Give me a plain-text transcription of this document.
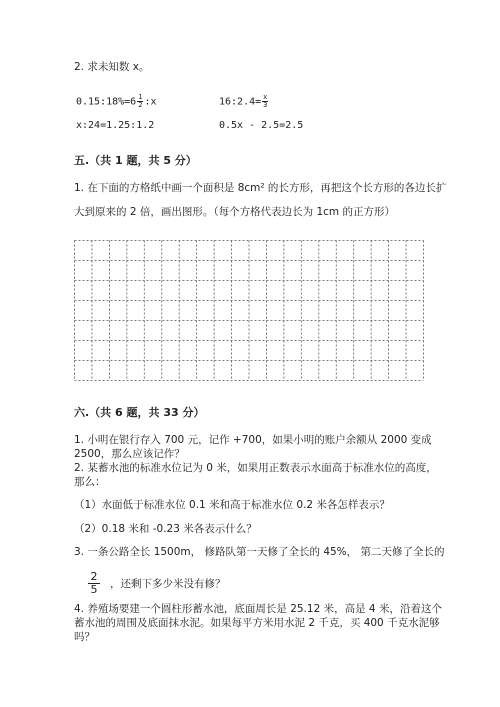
2. 求未知数 x。
0.15:18%=6 $\frac{1}{2}$ :x	16:2.4= $\frac{x}{3}$
x:24=1.25:1.2	0.5x - 2.5=2.5
五.（共 1 题，共 5 分）
1. 在下面的方格纸中画一个面积是 8cm² 的长方形，再把这个长方形的各边长扩
大到原来的 2 倍，画出图形。（每个方格代表边长为 1cm 的正方形）
六.（共 6 题，共 33 分）
1. 小明在银行存入 700 元，记作 +700，如果小明的账户余额从 2000 变成
2500，那么应该记作？
2. 某蓄水池的标准水位记为 0 米，如果用正数表示水面高于标准水位的高度，
那么：
（1）水面低于标准水位 0.1 米和高于标准水位 0.2 米各怎样表示？
（2）0.18 米和 -0.23 米各表示什么？
3. 一条公路全长 1500m， 修路队第一天修了全长的 45%， 第二天修了全长的
$\frac{2}{5}$ ，还剩下多少米没有修？
4. 养殖场要建一个圆柱形蓄水池，底面周长是 25.12 米，高是 4 米，沿着这个
蓄水池的周围及底面抹水泥。如果每平方米用水泥 2 千克，买 400 千克水泥够
吗？
